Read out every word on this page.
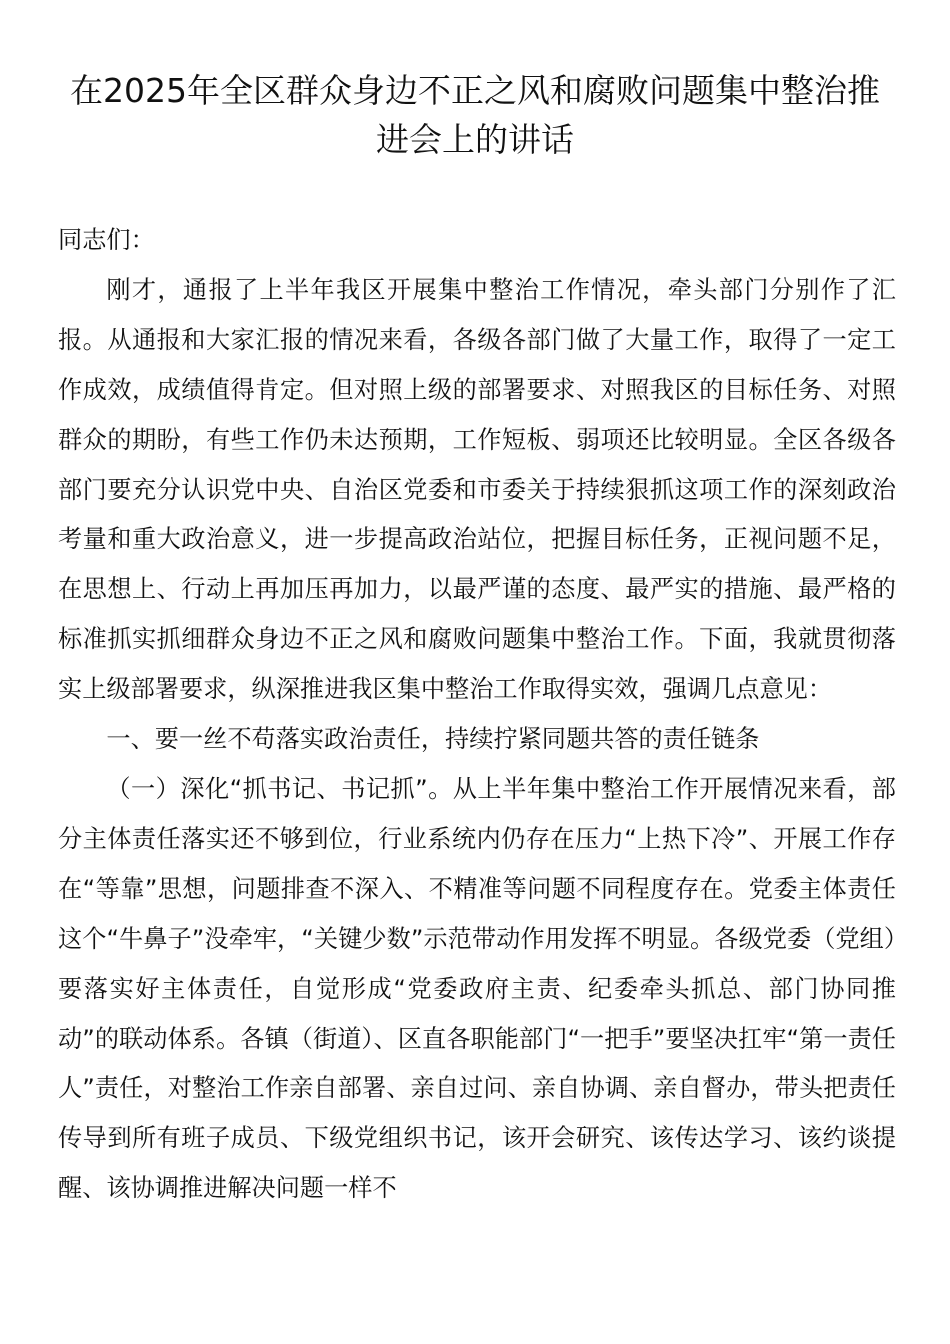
在2025年全区群众身边不正之风和腐败问题集中整治推进会上的讲话

同志们：

刚才，通报了上半年我区开展集中整治工作情况，牵头部门分别作了汇报。从通报和大家汇报的情况来看，各级各部门做了大量工作，取得了一定工作成效，成绩值得肯定。但对照上级的部署要求、对照我区的目标任务、对照群众的期盼，有些工作仍未达预期，工作短板、弱项还比较明显。全区各级各部门要充分认识党中央、自治区党委和市委关于持续狠抓这项工作的深刻政治考量和重大政治意义，进一步提高政治站位，把握目标任务，正视问题不足，在思想上、行动上再加压再加力，以最严谨的态度、最严实的措施、最严格的标准抓实抓细群众身边不正之风和腐败问题集中整治工作。下面，我就贯彻落实上级部署要求，纵深推进我区集中整治工作取得实效，强调几点意见：

一、要一丝不苟落实政治责任，持续拧紧同题共答的责任链条

（一）深化“抓书记、书记抓”。从上半年集中整治工作开展情况来看，部分主体责任落实还不够到位，行业系统内仍存在压力“上热下冷”、开展工作存在“等靠”思想，问题排查不深入、不精准等问题不同程度存在。党委主体责任这个“牛鼻子”没牵牢，“关键少数”示范带动作用发挥不明显。各级党委（党组）要落实好主体责任，自觉形成“党委政府主责、纪委牵头抓总、部门协同推动”的联动体系。各镇（街道）、区直各职能部门“一把手”要坚决扛牢“第一责任人”责任，对整治工作亲自部署、亲自过问、亲自协调、亲自督办，带头把责任传导到所有班子成员、下级党组织书记，该开会研究、该传达学习、该约谈提醒、该协调推进解决问题一样不
